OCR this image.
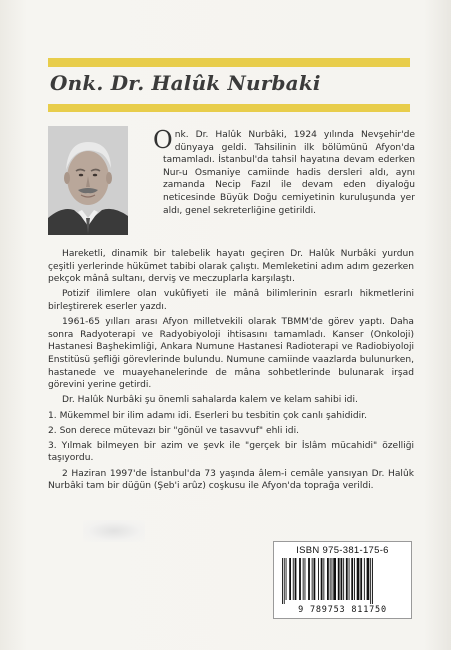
Onk. Dr. Halûk Nurbaki
Onk. Dr. Halûk Nurbâki, 1924 yılında Nevşehir'de dünyaya geldi. Tahsilinin ilk bölümünü Afyon'da tamamladı. İstanbul'da tahsil hayatına devam ederken Nur-u Osmaniye camiinde hadis dersleri aldı, aynı zamanda Necip Fazıl ile devam eden diyaloğu neticesinde Büyük Doğu cemiyetinin kuruluşunda yer aldı, genel sekreterliğine getirildi.

Hareketli, dinamik bir talebelik hayatı geçiren Dr. Halûk Nurbâki yurdun çeşitli yerlerinde hükümet tabibi olarak çalıştı. Memleketini adım adım gezerken pekçok mânâ sultanı, derviş ve meczuplarla karşılaştı.

Potizif ilimlere olan vukûfiyeti ile mânâ bilimlerinin esrarlı hikmetlerini birleştirerek eserler yazdı.

1961-65 yılları arası Afyon milletvekili olarak TBMM'de görev yaptı. Daha sonra Radyoterapi ve Radyobiyoloji ihtisasını tamamladı. Kanser (Onkoloji) Hastanesi Başhekimliği, Ankara Numune Hastanesi Radioterapi ve Radiobiyoloji Enstitüsü şefliği görevlerinde bulundu. Numune camiinde vaazlarda bulunurken, hastanede ve muayehanelerinde de mâna sohbetlerinde bulunarak irşad görevini yerine getirdi.

Dr. Halûk Nurbâki şu önemli sahalarda kalem ve kelam sahibi idi.

1. Mükemmel bir ilim adamı idi. Eserleri bu tesbitin çok canlı şahididir.

2. Son derece mütevazı bir "gönül ve tasavvuf" ehli idi.

3. Yılmak bilmeyen bir azim ve şevk ile "gerçek bir İslâm mücahidi" özelliği taşıyordu.

2 Haziran 1997'de İstanbul'da 73 yaşında âlem-i cemâle yansıyan Dr. Halûk Nurbâki tam bir düğün (Şeb'i arûz) coşkusu ile Afyon'da toprağa verildi.

ISBN 975-381-175-6
9 789753 811750
